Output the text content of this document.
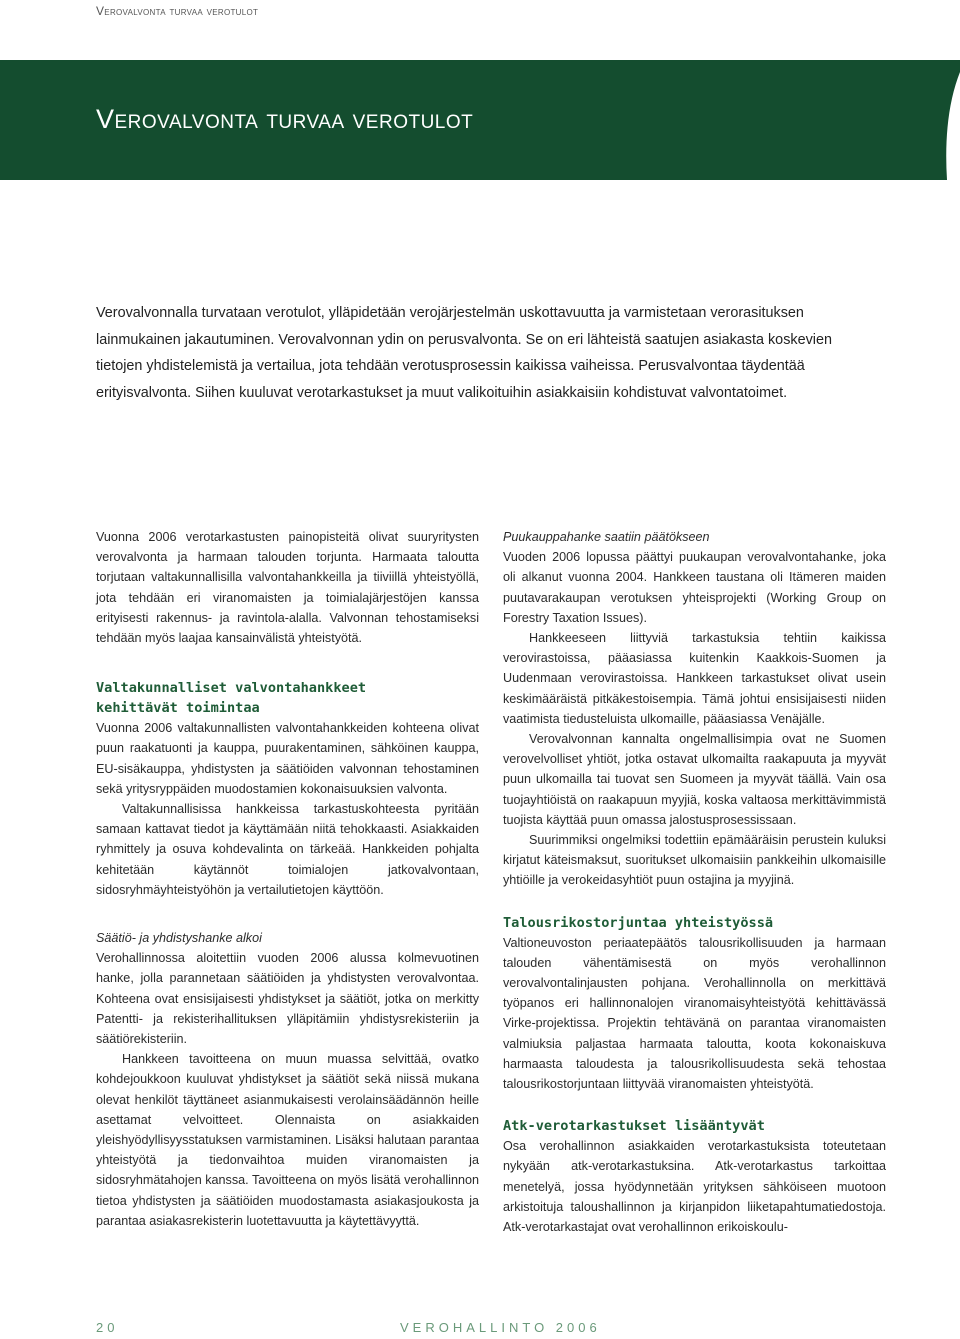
Verovalvonta turvaa verotulot
Verovalvonta turvaa verotulot

Verovalvonnalla turvataan verotulot, ylläpidetään verojärjestelmän uskottavuutta ja varmistetaan verorasituksen

lainmukainen jakautuminen. Verovalvonnan ydin on perusvalvonta. Se on eri lähteistä saatujen asiakasta koskevien

tietojen yhdistelemistä ja vertailua, jota tehdään verotusprosessin kaikissa vaiheissa. Perusvalvontaa täydentää

erityisvalvonta. Siihen kuuluvat verotarkastukset ja muut valikoituihin asiakkaisiin kohdistuvat valvontatoimet.

Vuonna 2006 verotarkastusten painopisteitä olivat suuryritysten verovalvonta ja harmaan talouden torjunta. Harmaata taloutta torjutaan valtakunnallisilla valvontahankkeilla ja tiiviillä yhteistyöllä, jota tehdään eri viranomaisten ja toimialajärjestöjen kanssa erityisesti rakennus- ja ravintola-alalla. Valvonnan tehostamiseksi tehdään myös laajaa kansainvälistä yhteistyötä.

Valtakunnalliset valvontahankkeet
kehittävät toimintaa

Vuonna 2006 valtakunnallisten valvontahankkeiden kohteena olivat puun raakatuonti ja kauppa, puurakentaminen, sähköinen kauppa, EU-sisäkauppa, yhdistysten ja säätiöiden valvonnan tehostaminen sekä yritysryppäiden muodostamien kokonaisuuksien valvonta.

Valtakunnallisissa hankkeissa tarkastuskohteesta pyritään samaan kattavat tiedot ja käyttämään niitä tehokkaasti. Asiakkaiden ryhmittely ja osuva kohdevalinta on tärkeää. Hankkeiden pohjalta kehitetään käytännöt toimialojen jatkovalvontaan, sidosryhmäyhteistyöhön ja vertailutietojen käyttöön.

Säätiö- ja yhdistyshanke alkoi

Verohallinnossa aloitettiin vuoden 2006 alussa kolmevuotinen hanke, jolla parannetaan säätiöiden ja yhdistysten verovalvontaa. Kohteena ovat ensisijaisesti yhdistykset ja säätiöt, jotka on merkitty Patentti- ja rekisterihallituksen ylläpitämiin yhdistysrekisteriin ja säätiörekisteriin.

Hankkeen tavoitteena on muun muassa selvittää, ovatko kohdejoukkoon kuuluvat yhdistykset ja säätiöt sekä niissä mukana olevat henkilöt täyttäneet asianmukaisesti verolainsäädännön heille asettamat velvoitteet. Olennaista on asiakkaiden yleishyödyllisyysstatuksen varmistaminen. Lisäksi halutaan parantaa yhteistyötä ja tiedonvaihtoa muiden viranomaisten ja sidosryhmätahojen kanssa. Tavoitteena on myös lisätä verohallinnon tietoa yhdistysten ja säätiöiden muodostamasta asiakasjoukosta ja parantaa asiakasrekisterin luotettavuutta ja käytettävyyttä.

Puukauppahanke saatiin päätökseen

Vuoden 2006 lopussa päättyi puukaupan verovalvontahanke, joka oli alkanut vuonna 2004. Hankkeen taustana oli Itämeren maiden puutavarakaupan verotuksen yhteisprojekti (Working Group on Forestry Taxation Issues).

Hankkeeseen liittyviä tarkastuksia tehtiin kaikissa verovirastoissa, pääasiassa kuitenkin Kaakkois-Suomen ja Uudenmaan verovirastoissa. Hankkeen tarkastukset olivat usein keskimääräistä pitkäkestoisempia. Tämä johtui ensisijaisesti niiden vaatimista tiedusteluista ulkomaille, pääasiassa Venäjälle.

Verovalvonnan kannalta ongelmallisimpia ovat ne Suomen verovelvolliset yhtiöt, jotka ostavat ulkomailta raakapuuta ja myyvät puun ulkomailla tai tuovat sen Suomeen ja myyvät täällä. Vain osa tuojayhtiöistä on raakapuun myyjiä, koska valtaosa merkittävimmistä tuojista käyttää puun omassa jalostusprosessissaan.

Suurimmiksi ongelmiksi todettiin epämääräisin perustein kuluksi kirjatut käteismaksut, suoritukset ulkomaisiin pankkeihin ulkomaisille yhtiöille ja verokeidasyhtiöt puun ostajina ja myyjinä.

Talousrikostorjuntaa yhteistyössä

Valtioneuvoston periaatepäätös talousrikollisuuden ja harmaan talouden vähentämisestä on myös verohallinnon verovalvontalinjausten pohjana. Verohallinnolla on merkittävä työpanos eri hallinnonalojen viranomaisyhteistyötä kehittävässä Virke-projektissa. Projektin tehtävänä on parantaa viranomaisten valmiuksia paljastaa harmaata taloutta, koota kokonaiskuva harmaasta taloudesta ja talousrikollisuudesta sekä tehostaa talousrikostorjuntaan liittyvää viranomaisten yhteistyötä.

Atk-verotarkastukset lisääntyvät

Osa verohallinnon asiakkaiden verotarkastuksista toteutetaan nykyään atk-verotarkastuksina. Atk-verotarkastus tarkoittaa menetelyä, jossa hyödynnetään yrityksen sähköiseen muotoon arkistoituja taloushallinnon ja kirjanpidon liiketapahtumatiedostoja. Atk-verotarkastajat ovat verohallinnon erikoiskoulu-

20	VEROHALLINTO 2006
